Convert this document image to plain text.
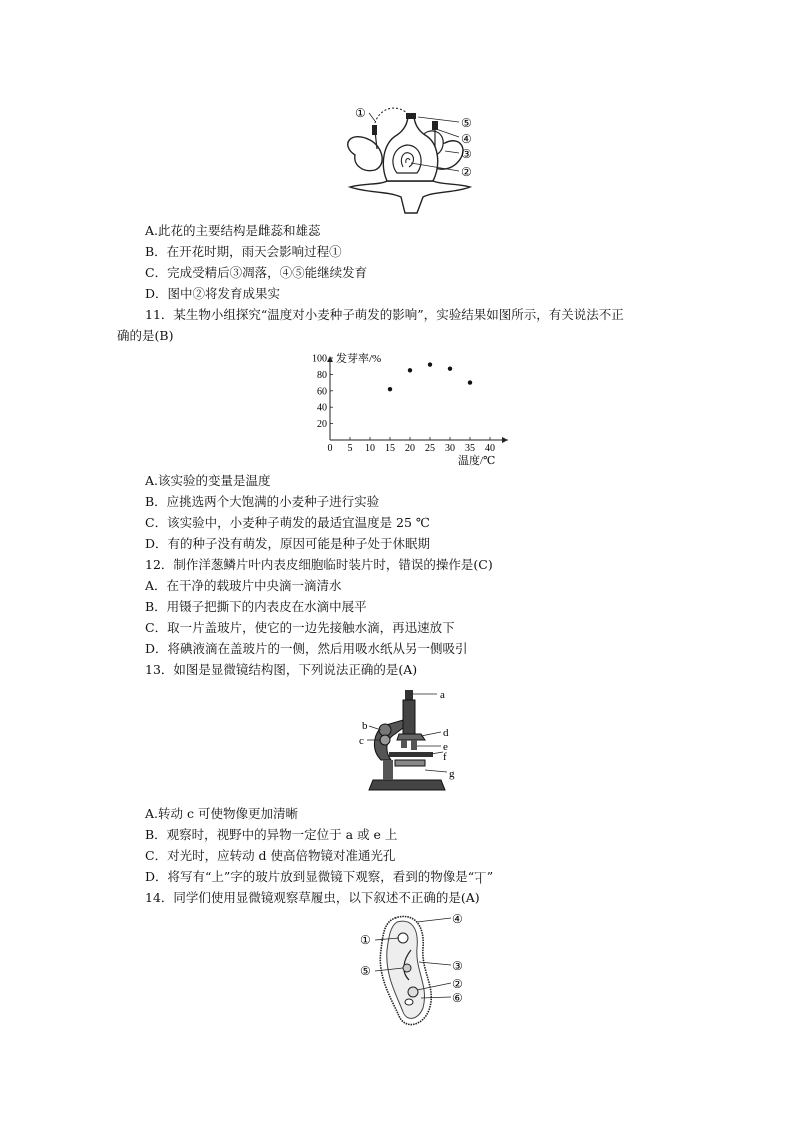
①
⑤
④
③
②
A.此花的主要结构是雌蕊和雄蕊
B．在开花时期，雨天会影响过程①
C．完成受精后③凋落，④⑤能继续发育
D．图中②将发育成果实
11．某生物小组探究“温度对小麦种子萌发的影响”，实验结果如图所示，有关说法不正
确的是(B)
发芽率/%
温度/℃
0 5 10 15 20 25 30 35 40
20
40
60
80
100
A.该实验的变量是温度
B．应挑选两个大饱满的小麦种子进行实验
C．该实验中，小麦种子萌发的最适宜温度是 25 ℃
D．有的种子没有萌发，原因可能是种子处于休眠期
12．制作洋葱鳞片叶内表皮细胞临时装片时，错误的操作是(C)
A．在干净的载玻片中央滴一滴清水
B．用镊子把撕下的内表皮在水滴中展平
C．取一片盖玻片，使它的一边先接触水滴，再迅速放下
D．将碘液滴在盖玻片的一侧，然后用吸水纸从另一侧吸引
13．如图是显微镜结构图，下列说法正确的是(A)
a
b
c
d
e
f
g
A.转动 c 可使物像更加清晰
B．观察时，视野中的异物一定位于 a 或 e 上
C．对光时，应转动 d 使高倍物镜对准通光孔
D．将写有“上”字的玻片放到显微镜下观察，看到的物像是“上”
14．同学们使用显微镜观察草履虫，以下叙述不正确的是(A)
④
①
③
⑤
②
⑥
